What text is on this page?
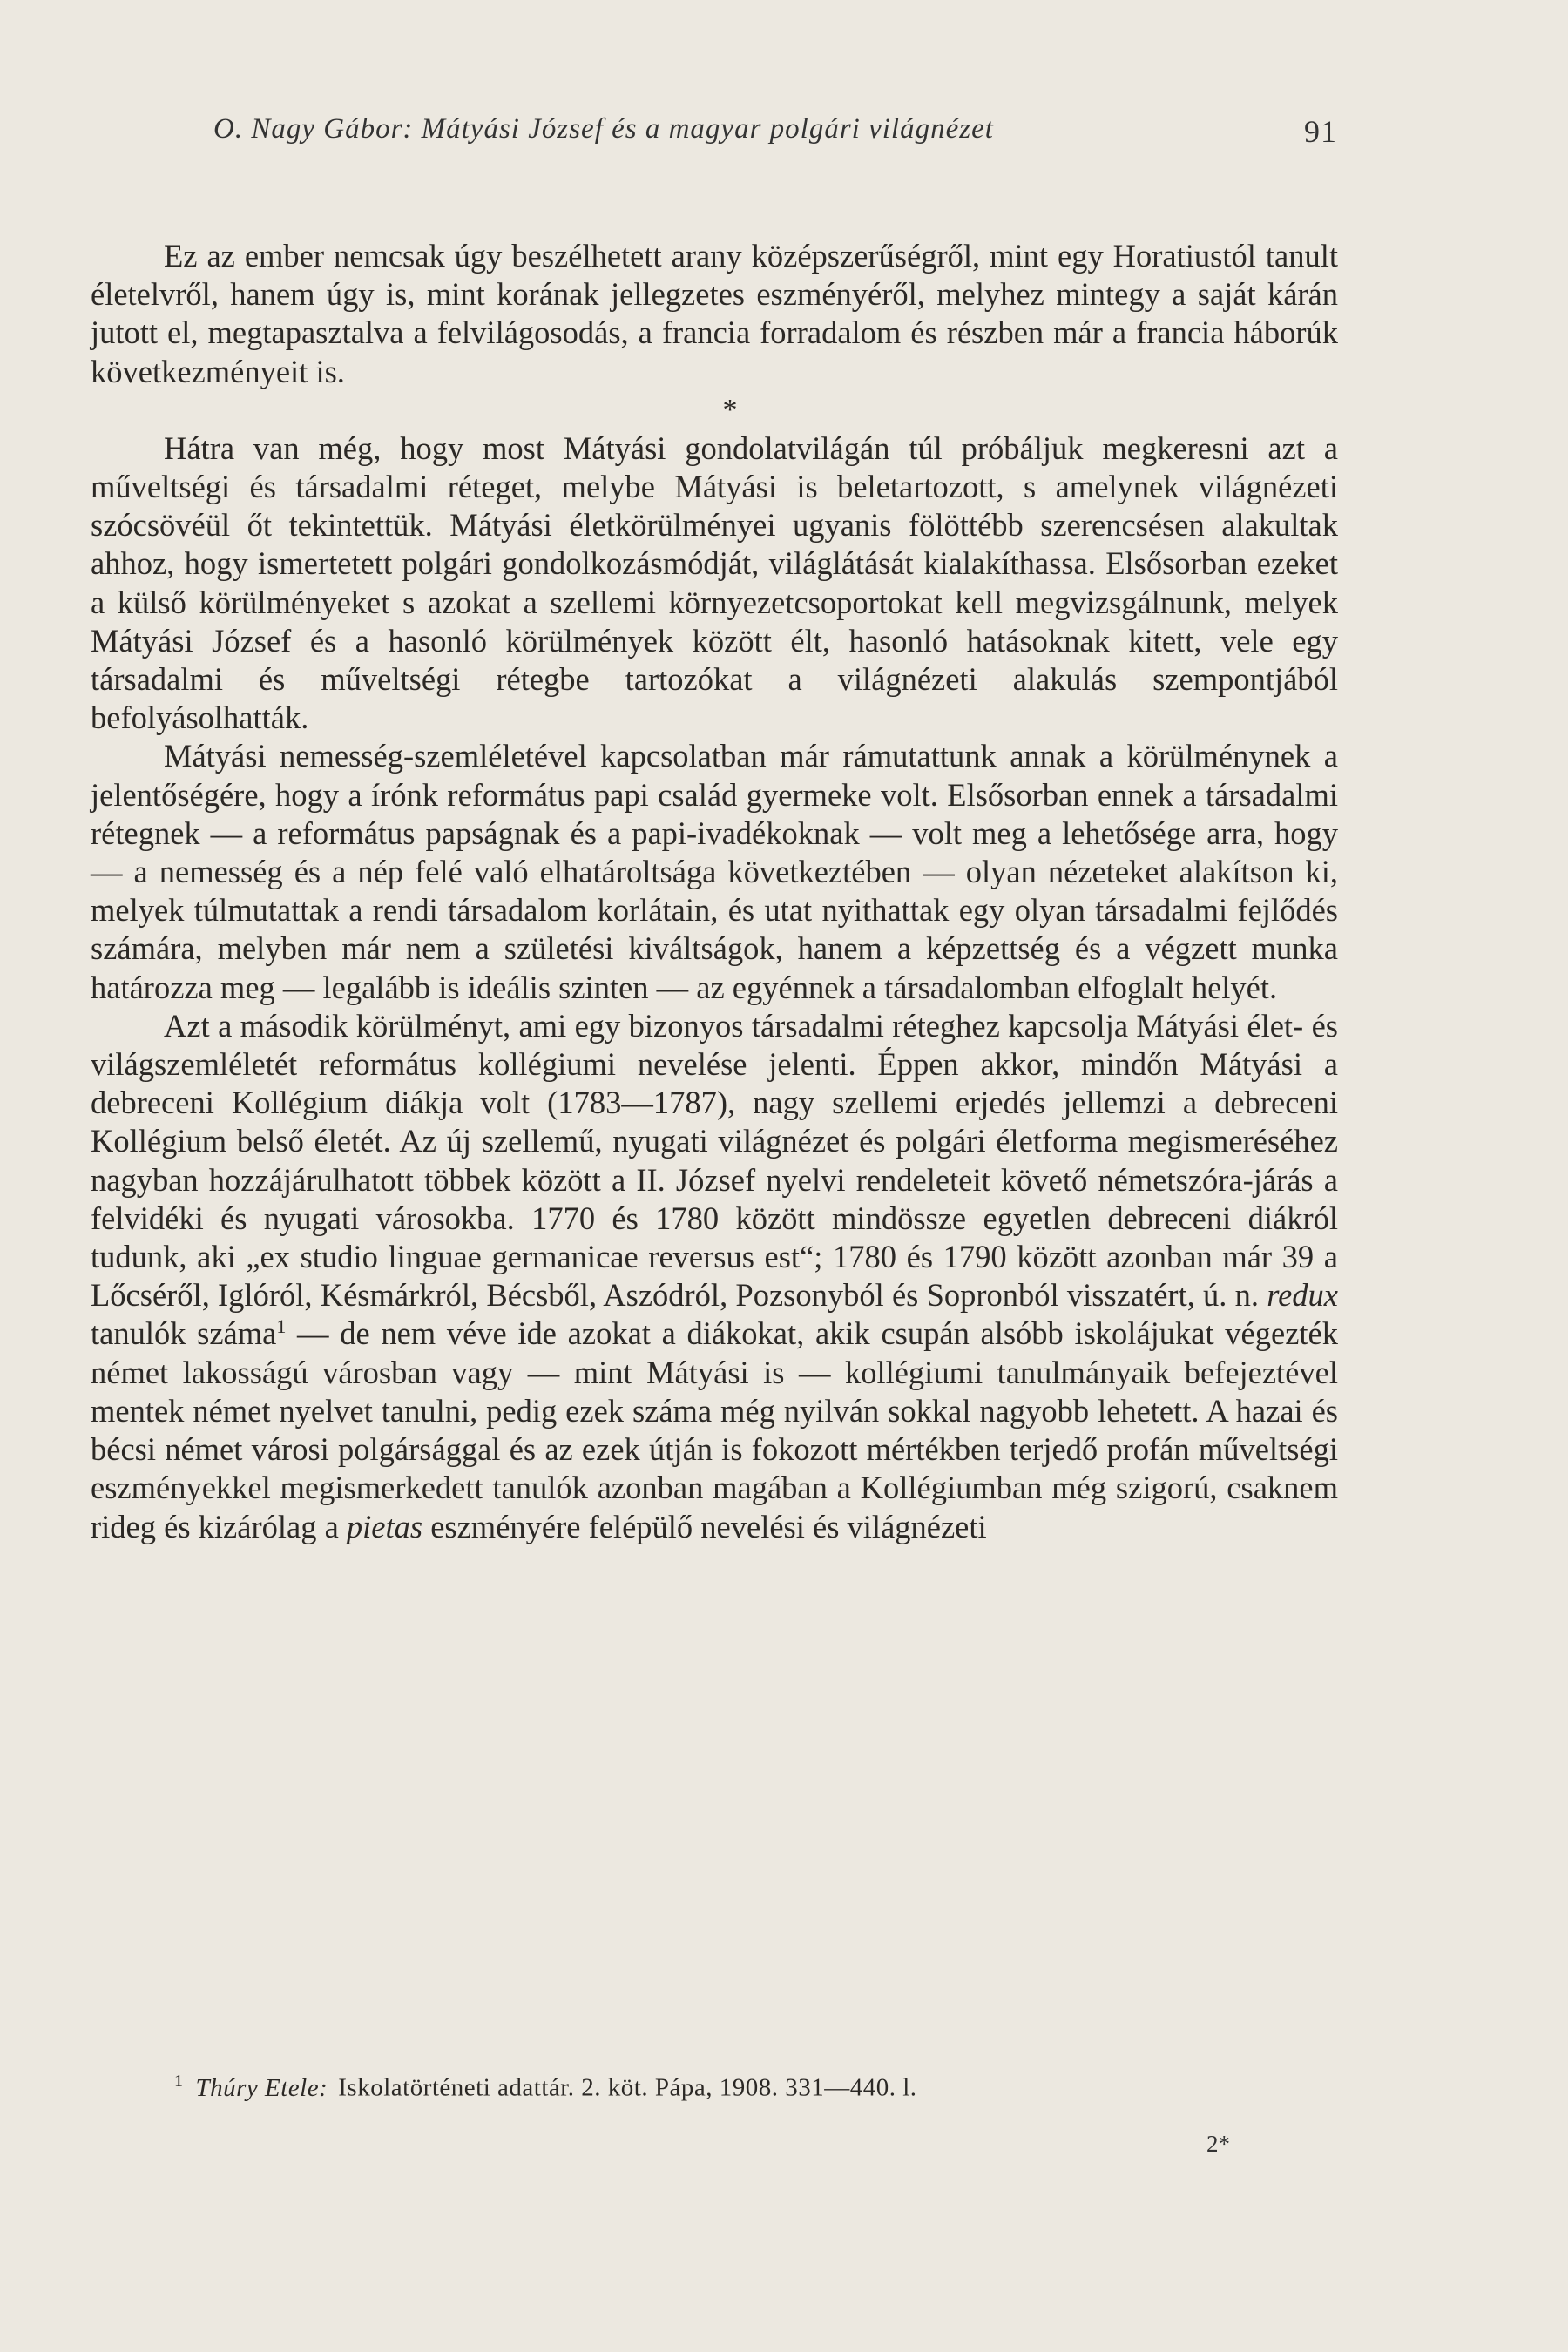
O. Nagy Gábor: Mátyási József és a magyar polgári világnézet	91

Ez az ember nemcsak úgy beszélhetett arany középszerűségről, mint egy Horatiustól tanult életelvről, hanem úgy is, mint korának jellegzetes eszményéről, melyhez mintegy a saját kárán jutott el, megtapasztalva a felvilágosodás, a francia forradalom és részben már a francia háborúk következményeit is.

*

Hátra van még, hogy most Mátyási gondolatvilágán túl próbáljuk megkeresni azt a műveltségi és társadalmi réteget, melybe Mátyási is beletartozott, s amelynek világnézeti szócsövéül őt tekintettük. Mátyási életkörülményei ugyanis fölöttébb szerencsésen alakultak ahhoz, hogy ismertetett polgári gondolkozásmódját, világlátását kialakíthassa. Elsősorban ezeket a külső körülményeket s azokat a szellemi környezetcsoportokat kell megvizsgálnunk, melyek Mátyási József és a hasonló körülmények között élt, hasonló hatásoknak kitett, vele egy társadalmi és műveltségi rétegbe tartozókat a világnézeti alakulás szempontjából befolyásolhatták.

Mátyási nemesség-szemléletével kapcsolatban már rámutattunk annak a körülménynek a jelentőségére, hogy a írónk református papi család gyermeke volt. Elsősorban ennek a társadalmi rétegnek — a református papságnak és a papi-ivadékoknak — volt meg a lehetősége arra, hogy — a nemesség és a nép felé való elhatároltsága következtében — olyan nézeteket alakítson ki, melyek túlmutattak a rendi társadalom korlátain, és utat nyithattak egy olyan társadalmi fejlődés számára, melyben már nem a születési kiváltságok, hanem a képzettség és a végzett munka határozza meg — legalább is ideális szinten — az egyénnek a társadalomban elfoglalt helyét.

Azt a második körülményt, ami egy bizonyos társadalmi réteghez kapcsolja Mátyási élet- és világszemléletét református kollégiumi nevelése jelenti. Éppen akkor, mindőn Mátyási a debreceni Kollégium diákja volt (1783—1787), nagy szellemi erjedés jellemzi a debreceni Kollégium belső életét. Az új szellemű, nyugati világnézet és polgári életforma megismeréséhez nagyban hozzájárulhatott többek között a II. József nyelvi rendeleteit követő németszóra-járás a felvidéki és nyugati városokba. 1770 és 1780 között mindössze egyetlen debreceni diákról tudunk, aki „ex studio linguae germanicae reversus est“; 1780 és 1790 között azonban már 39 a Lőcséről, Iglóról, Késmárkról, Bécsből, Aszódról, Pozsonyból és Sopronból visszatért, ú. n. redux tanulók száma$^1$ — de nem véve ide azokat a diákokat, akik csupán alsóbb iskolájukat végezték német lakosságú városban vagy — mint Mátyási is — kollégiumi tanulmányaik befejeztével mentek német nyelvet tanulni, pedig ezek száma még nyilván sokkal nagyobb lehetett. A hazai és bécsi német városi polgársággal és az ezek útján is fokozott mértékben terjedő profán műveltségi eszményekkel megismerkedett tanulók azonban magában a Kollégiumban még szigorú, csaknem rideg és kizárólag a pietas eszményére felépülő nevelési és világnézeti

$^1$ Thúry Etele: Iskolatörténeti adattár. 2. köt. Pápa, 1908. 331—440. l.
2*
